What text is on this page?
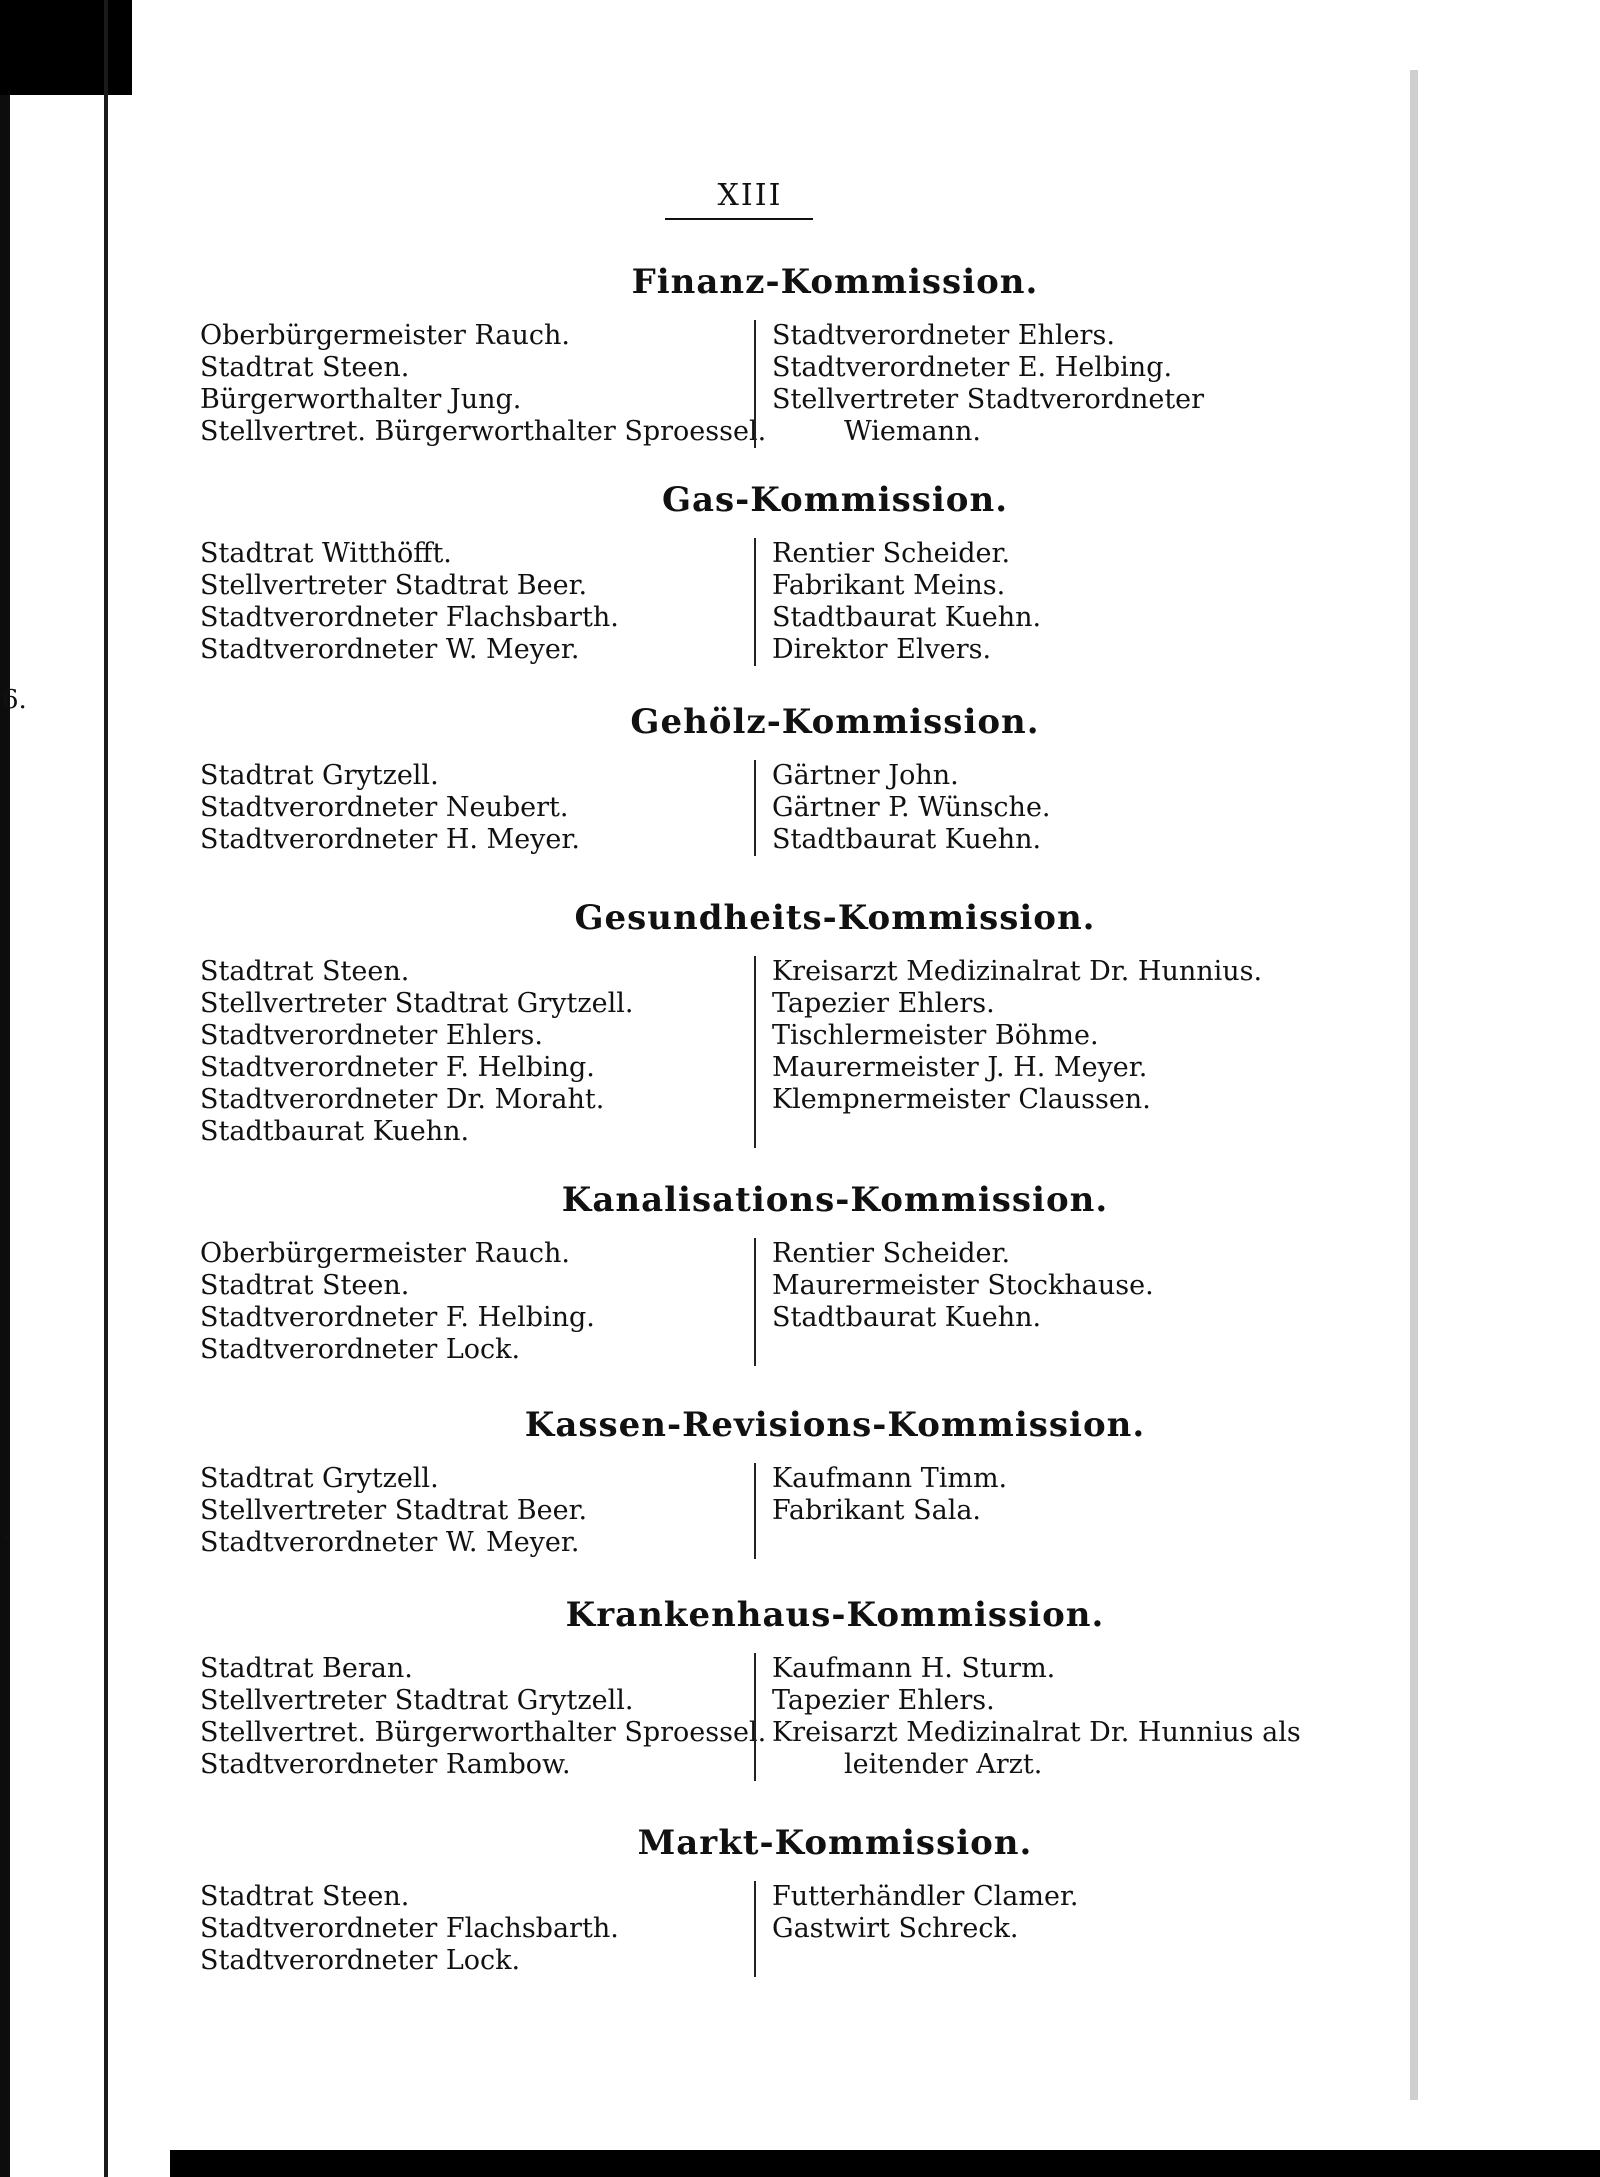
6.
.
XIII
Finanz-Kommission.
Oberbürgermeister Rauch.
Stadtrat Steen.
Bürgerworthalter Jung.
Stellvertret. Bürgerworthalter Sproessel.
Stadtverordneter Ehlers.
Stadtverordneter E. Helbing.
Stellvertreter Stadtverordneter
Wiemann.
Gas-Kommission.
Stadtrat Witthöfft.
Stellvertreter Stadtrat Beer.
Stadtverordneter Flachsbarth.
Stadtverordneter W. Meyer.
Rentier Scheider.
Fabrikant Meins.
Stadtbaurat Kuehn.
Direktor Elvers.
Gehölz-Kommission.
Stadtrat Grytzell.
Stadtverordneter Neubert.
Stadtverordneter H. Meyer.
Gärtner John.
Gärtner P. Wünsche.
Stadtbaurat Kuehn.
Gesundheits-Kommission.
Stadtrat Steen.
Stellvertreter Stadtrat Grytzell.
Stadtverordneter Ehlers.
Stadtverordneter F. Helbing.
Stadtverordneter Dr. Moraht.
Stadtbaurat Kuehn.
Kreisarzt Medizinalrat Dr. Hunnius.
Tapezier Ehlers.
Tischlermeister Böhme.
Maurermeister J. H. Meyer.
Klempnermeister Claussen.
Kanalisations-Kommission.
Oberbürgermeister Rauch.
Stadtrat Steen.
Stadtverordneter F. Helbing.
Stadtverordneter Lock.
Rentier Scheider.
Maurermeister Stockhause.
Stadtbaurat Kuehn.
Kassen-Revisions-Kommission.
Stadtrat Grytzell.
Stellvertreter Stadtrat Beer.
Stadtverordneter W. Meyer.
Kaufmann Timm.
Fabrikant Sala.
Krankenhaus-Kommission.
Stadtrat Beran.
Stellvertreter Stadtrat Grytzell.
Stellvertret. Bürgerworthalter Sproessel.
Stadtverordneter Rambow.
Kaufmann H. Sturm.
Tapezier Ehlers.
Kreisarzt Medizinalrat Dr. Hunnius als
leitender Arzt.
Markt-Kommission.
Stadtrat Steen.
Stadtverordneter Flachsbarth.
Stadtverordneter Lock.
Futterhändler Clamer.
Gastwirt Schreck.
